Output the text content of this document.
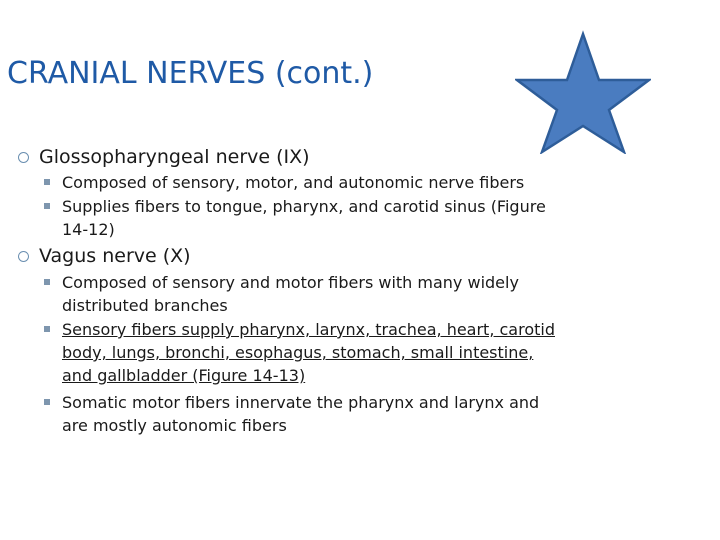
CRANIAL NERVES (cont.)
Glossopharyngeal nerve (IX)
Composed of sensory, motor, and autonomic nerve fibers
Supplies fibers to tongue, pharynx, and carotid sinus (Figure 14-12)
Vagus nerve (X)
Composed of sensory and motor fibers with many widely distributed branches
Sensory fibers supply pharynx, larynx, trachea, heart, carotid body, lungs, bronchi, esophagus, stomach, small intestine, and gallbladder (Figure 14-13)
Somatic motor fibers innervate the pharynx and larynx and are mostly autonomic fibers
